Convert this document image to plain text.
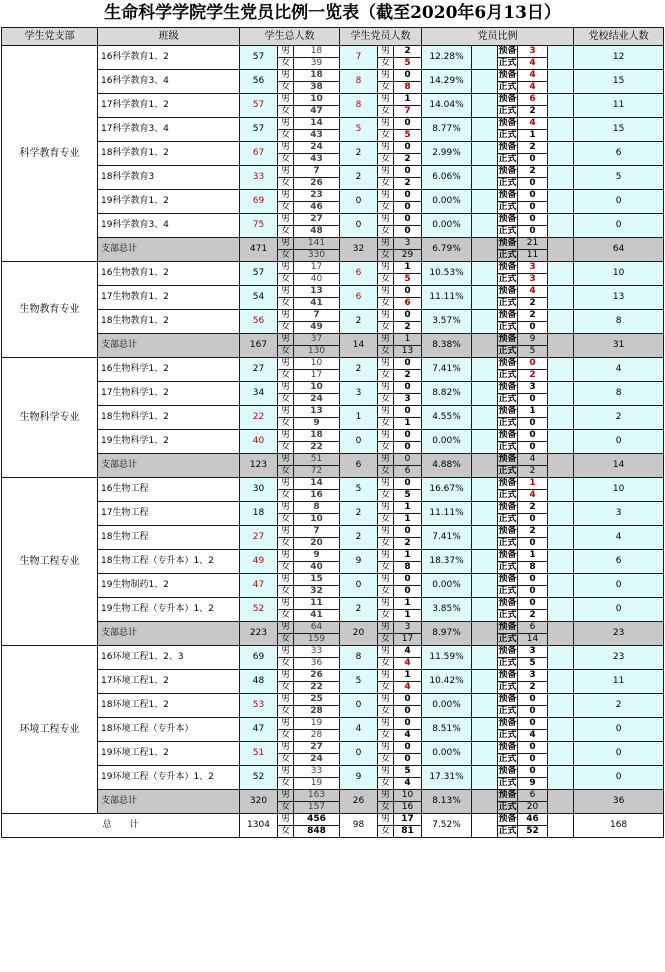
生命科学学院学生党员比例一览表（截至2020年6月13日）
学生党支部	班级	学生总人数			学生党员人数			党员比例					党校结业人数
科学教育专业	16科学教育1、2	57	男	18	7	男	2	12.28%		预备	3		12
			女	39		女	5			正式	4		
	16科学教育3、4	56	男	18	8	男	0	14.29%		预备	4		15
			女	38		女	8			正式	4		
	17科学教育1、2	57	男	10	8	男	1	14.04%		预备	6		11
			女	47		女	7			正式	2		
	17科学教育3、4	57	男	14	5	男	0	8.77%		预备	4		15
			女	43		女	5			正式	1		
	18科学教育1、2	67	男	24	2	男	0	2.99%		预备	2		6
			女	43		女	2			正式	0		
	18科学教育3	33	男	7	2	男	0	6.06%		预备	2		5
			女	26		女	2			正式	0		
	19科学教育1、2	69	男	23	0	男	0	0.00%		预备	0		0
			女	46		女	0			正式	0		
	19科学教育3、4	75	男	27	0	男	0	0.00%		预备	0		0
			女	48		女	0			正式	0		
	支部总计	471	男	141	32	男	3	6.79%		预备	21		64
			女	330		女	29			正式	11		
生物教育专业	16生物教育1、2	57	男	17	6	男	1	10.53%		预备	3		10
			女	40		女	5			正式	3		
	17生物教育1、2	54	男	13	6	男	0	11.11%		预备	4		13
			女	41		女	6			正式	2		
	18生物教育1、2	56	男	7	2	男	0	3.57%		预备	2		8
			女	49		女	2			正式	0		
	支部总计	167	男	37	14	男	1	8.38%		预备	9		31
			女	130		女	13			正式	5		
生物科学专业	16生物科学1、2	27	男	10	2	男	0	7.41%		预备	0		4
			女	17		女	2			正式	2		
	17生物科学1、2	34	男	10	3	男	0	8.82%		预备	3		8
			女	24		女	3			正式	0		
	18生物科学1、2	22	男	13	1	男	0	4.55%		预备	1		2
			女	9		女	1			正式	0		
	19生物科学1、2	40	男	18	0	男	0	0.00%		预备	0		0
			女	22		女	0			正式	0		
	支部总计	123	男	51	6	男	0	4.88%		预备	4		14
			女	72		女	6			正式	2		
生物工程专业	16生物工程	30	男	14	5	男	0	16.67%		预备	1		10
			女	16		女	5			正式	4		
	17生物工程	18	男	8	2	男	1	11.11%		预备	2		3
			女	10		女	1			正式	0		
	18生物工程	27	男	7	2	男	0	7.41%		预备	2		4
			女	20		女	2			正式	0		
	18生物工程（专升本）1、2	49	男	9	9	男	1	18.37%		预备	1		6
			女	40		女	8			正式	8		
	19生物制药1、2	47	男	15	0	男	0	0.00%		预备	0		0
			女	32		女	0			正式	0		
	19生物工程（专升本）1、2	52	男	11	2	男	1	3.85%		预备	0		0
			女	41		女	1			正式	2		
	支部总计	223	男	64	20	男	3	8.97%		预备	6		23
			女	159		女	17			正式	14		
环境工程专业	16环境工程1、2、3	69	男	33	8	男	4	11.59%		预备	3		23
			女	36		女	4			正式	5		
	17环境工程1、2	48	男	26	5	男	1	10.42%		预备	3		11
			女	22		女	4			正式	2		
	18环境工程1、2	53	男	25	0	男	0	0.00%		预备	0		2
			女	28		女	0			正式	0		
	18环境工程（专升本）	47	男	19	4	男	0	8.51%		预备	0		0
			女	28		女	4			正式	4		
	19环境工程1、2	51	男	27	0	男	0	0.00%		预备	0		0
			女	24		女	0			正式	0		
	19环境工程（专升本）1、2	52	男	33	9	男	5	17.31%		预备	0		0
			女	19		女	4			正式	9		
	支部总计	320	男	163	26	男	10	8.13%		预备	6		36
			女	157		女	16			正式	20		
总　　计		1304	男	456	98	男	17	7.52%		预备	46		168
			女	848		女	81			正式	52		
